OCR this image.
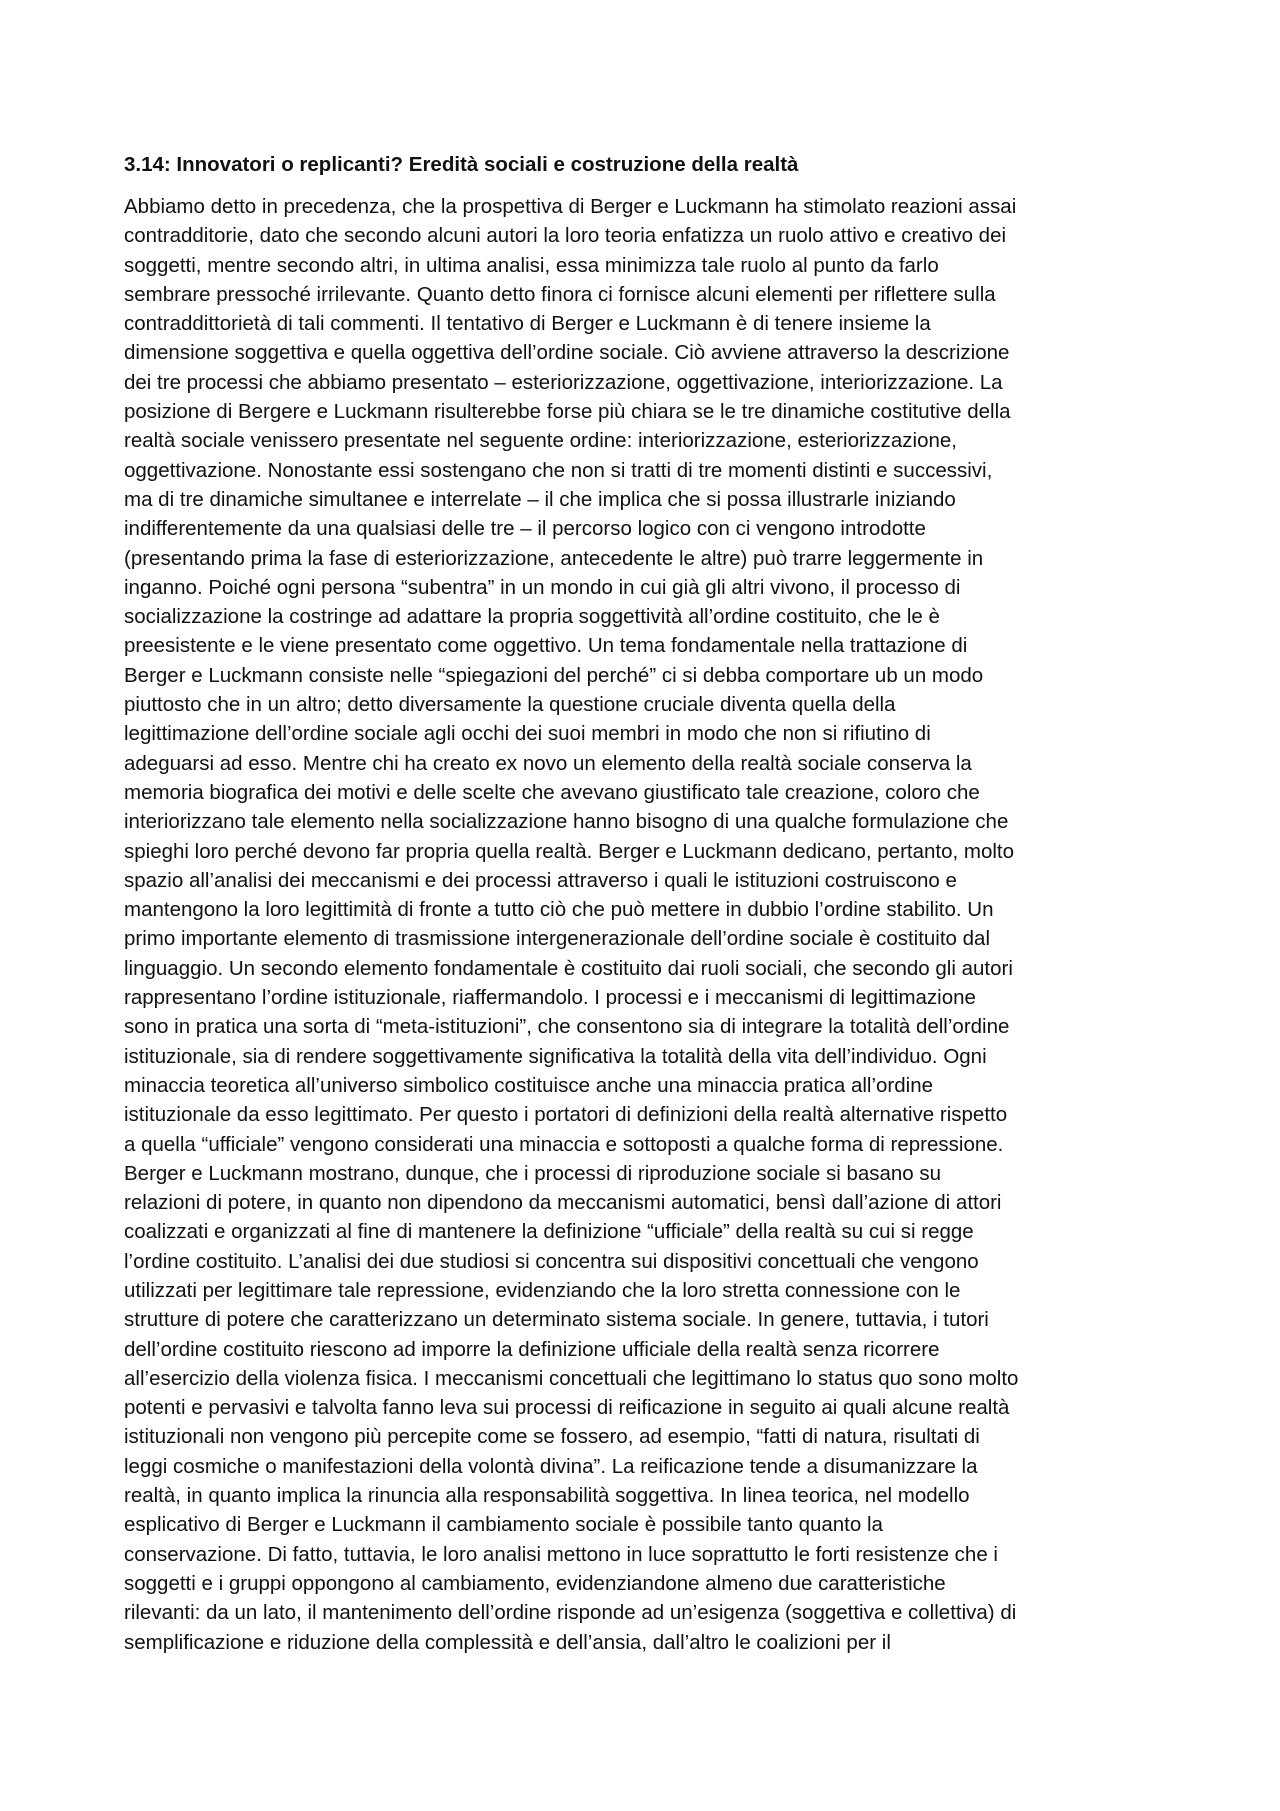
3.14: Innovatori o replicanti? Eredità sociali e costruzione della realtà
Abbiamo detto in precedenza, che la prospettiva di Berger e Luckmann ha stimolato reazioni assai
contradditorie, dato che secondo alcuni autori la loro teoria enfatizza un ruolo attivo e creativo dei
soggetti, mentre secondo altri, in ultima analisi, essa minimizza tale ruolo al punto da farlo
sembrare pressoché irrilevante. Quanto detto finora ci fornisce alcuni elementi per riflettere sulla
contraddittorietà di tali commenti. Il tentativo di Berger e Luckmann è di tenere insieme la
dimensione soggettiva e quella oggettiva dell’ordine sociale. Ciò avviene attraverso la descrizione
dei tre processi che abbiamo presentato – esteriorizzazione, oggettivazione, interiorizzazione. La
posizione di Bergere e Luckmann risulterebbe forse più chiara se le tre dinamiche costitutive della
realtà sociale venissero presentate nel seguente ordine: interiorizzazione, esteriorizzazione,
oggettivazione. Nonostante essi sostengano che non si tratti di tre momenti distinti e successivi,
ma di tre dinamiche simultanee e interrelate – il che implica che si possa illustrarle iniziando
indifferentemente da una qualsiasi delle tre – il percorso logico con ci vengono introdotte
(presentando prima la fase di esteriorizzazione, antecedente le altre) può trarre leggermente in
inganno. Poiché ogni persona “subentra” in un mondo in cui già gli altri vivono, il processo di
socializzazione la costringe ad adattare la propria soggettività all’ordine costituito, che le è
preesistente e le viene presentato come oggettivo. Un tema fondamentale nella trattazione di
Berger e Luckmann consiste nelle “spiegazioni del perché” ci si debba comportare ub un modo
piuttosto che in un altro; detto diversamente la questione cruciale diventa quella della
legittimazione dell’ordine sociale agli occhi dei suoi membri in modo che non si rifiutino di
adeguarsi ad esso. Mentre chi ha creato ex novo un elemento della realtà sociale conserva la
memoria biografica dei motivi e delle scelte che avevano giustificato tale creazione, coloro che
interiorizzano tale elemento nella socializzazione hanno bisogno di una qualche formulazione che
spieghi loro perché devono far propria quella realtà. Berger e Luckmann dedicano, pertanto, molto
spazio all’analisi dei meccanismi e dei processi attraverso i quali le istituzioni costruiscono e
mantengono la loro legittimità di fronte a tutto ciò che può mettere in dubbio l’ordine stabilito. Un
primo importante elemento di trasmissione intergenerazionale dell’ordine sociale è costituito dal
linguaggio. Un secondo elemento fondamentale è costituito dai ruoli sociali, che secondo gli autori
rappresentano l’ordine istituzionale, riaffermandolo. I processi e i meccanismi di legittimazione
sono in pratica una sorta di “meta-istituzioni”, che consentono sia di integrare la totalità dell’ordine
istituzionale, sia di rendere soggettivamente significativa la totalità della vita dell’individuo. Ogni
minaccia teoretica all’universo simbolico costituisce anche una minaccia pratica all’ordine
istituzionale da esso legittimato. Per questo i portatori di definizioni della realtà alternative rispetto
a quella “ufficiale” vengono considerati una minaccia e sottoposti a qualche forma di repressione.
Berger e Luckmann mostrano, dunque, che i processi di riproduzione sociale si basano su
relazioni di potere, in quanto non dipendono da meccanismi automatici, bensì dall’azione di attori
coalizzati e organizzati al fine di mantenere la definizione “ufficiale” della realtà su cui si regge
l’ordine costituito. L’analisi dei due studiosi si concentra sui dispositivi concettuali che vengono
utilizzati per legittimare tale repressione, evidenziando che la loro stretta connessione con le
strutture di potere che caratterizzano un determinato sistema sociale. In genere, tuttavia, i tutori
dell’ordine costituito riescono ad imporre la definizione ufficiale della realtà senza ricorrere
all’esercizio della violenza fisica. I meccanismi concettuali che legittimano lo status quo sono molto
potenti e pervasivi e talvolta fanno leva sui processi di reificazione in seguito ai quali alcune realtà
istituzionali non vengono più percepite come se fossero, ad esempio, “fatti di natura, risultati di
leggi cosmiche o manifestazioni della volontà divina”. La reificazione tende a disumanizzare la
realtà, in quanto implica la rinuncia alla responsabilità soggettiva. In linea teorica, nel modello
esplicativo di Berger e Luckmann il cambiamento sociale è possibile tanto quanto la
conservazione. Di fatto, tuttavia, le loro analisi mettono in luce soprattutto le forti resistenze che i
soggetti e i gruppi oppongono al cambiamento, evidenziandone almeno due caratteristiche
rilevanti: da un lato, il mantenimento dell’ordine risponde ad un’esigenza (soggettiva e collettiva) di
semplificazione e riduzione della complessità e dell’ansia, dall’altro le coalizioni per il
